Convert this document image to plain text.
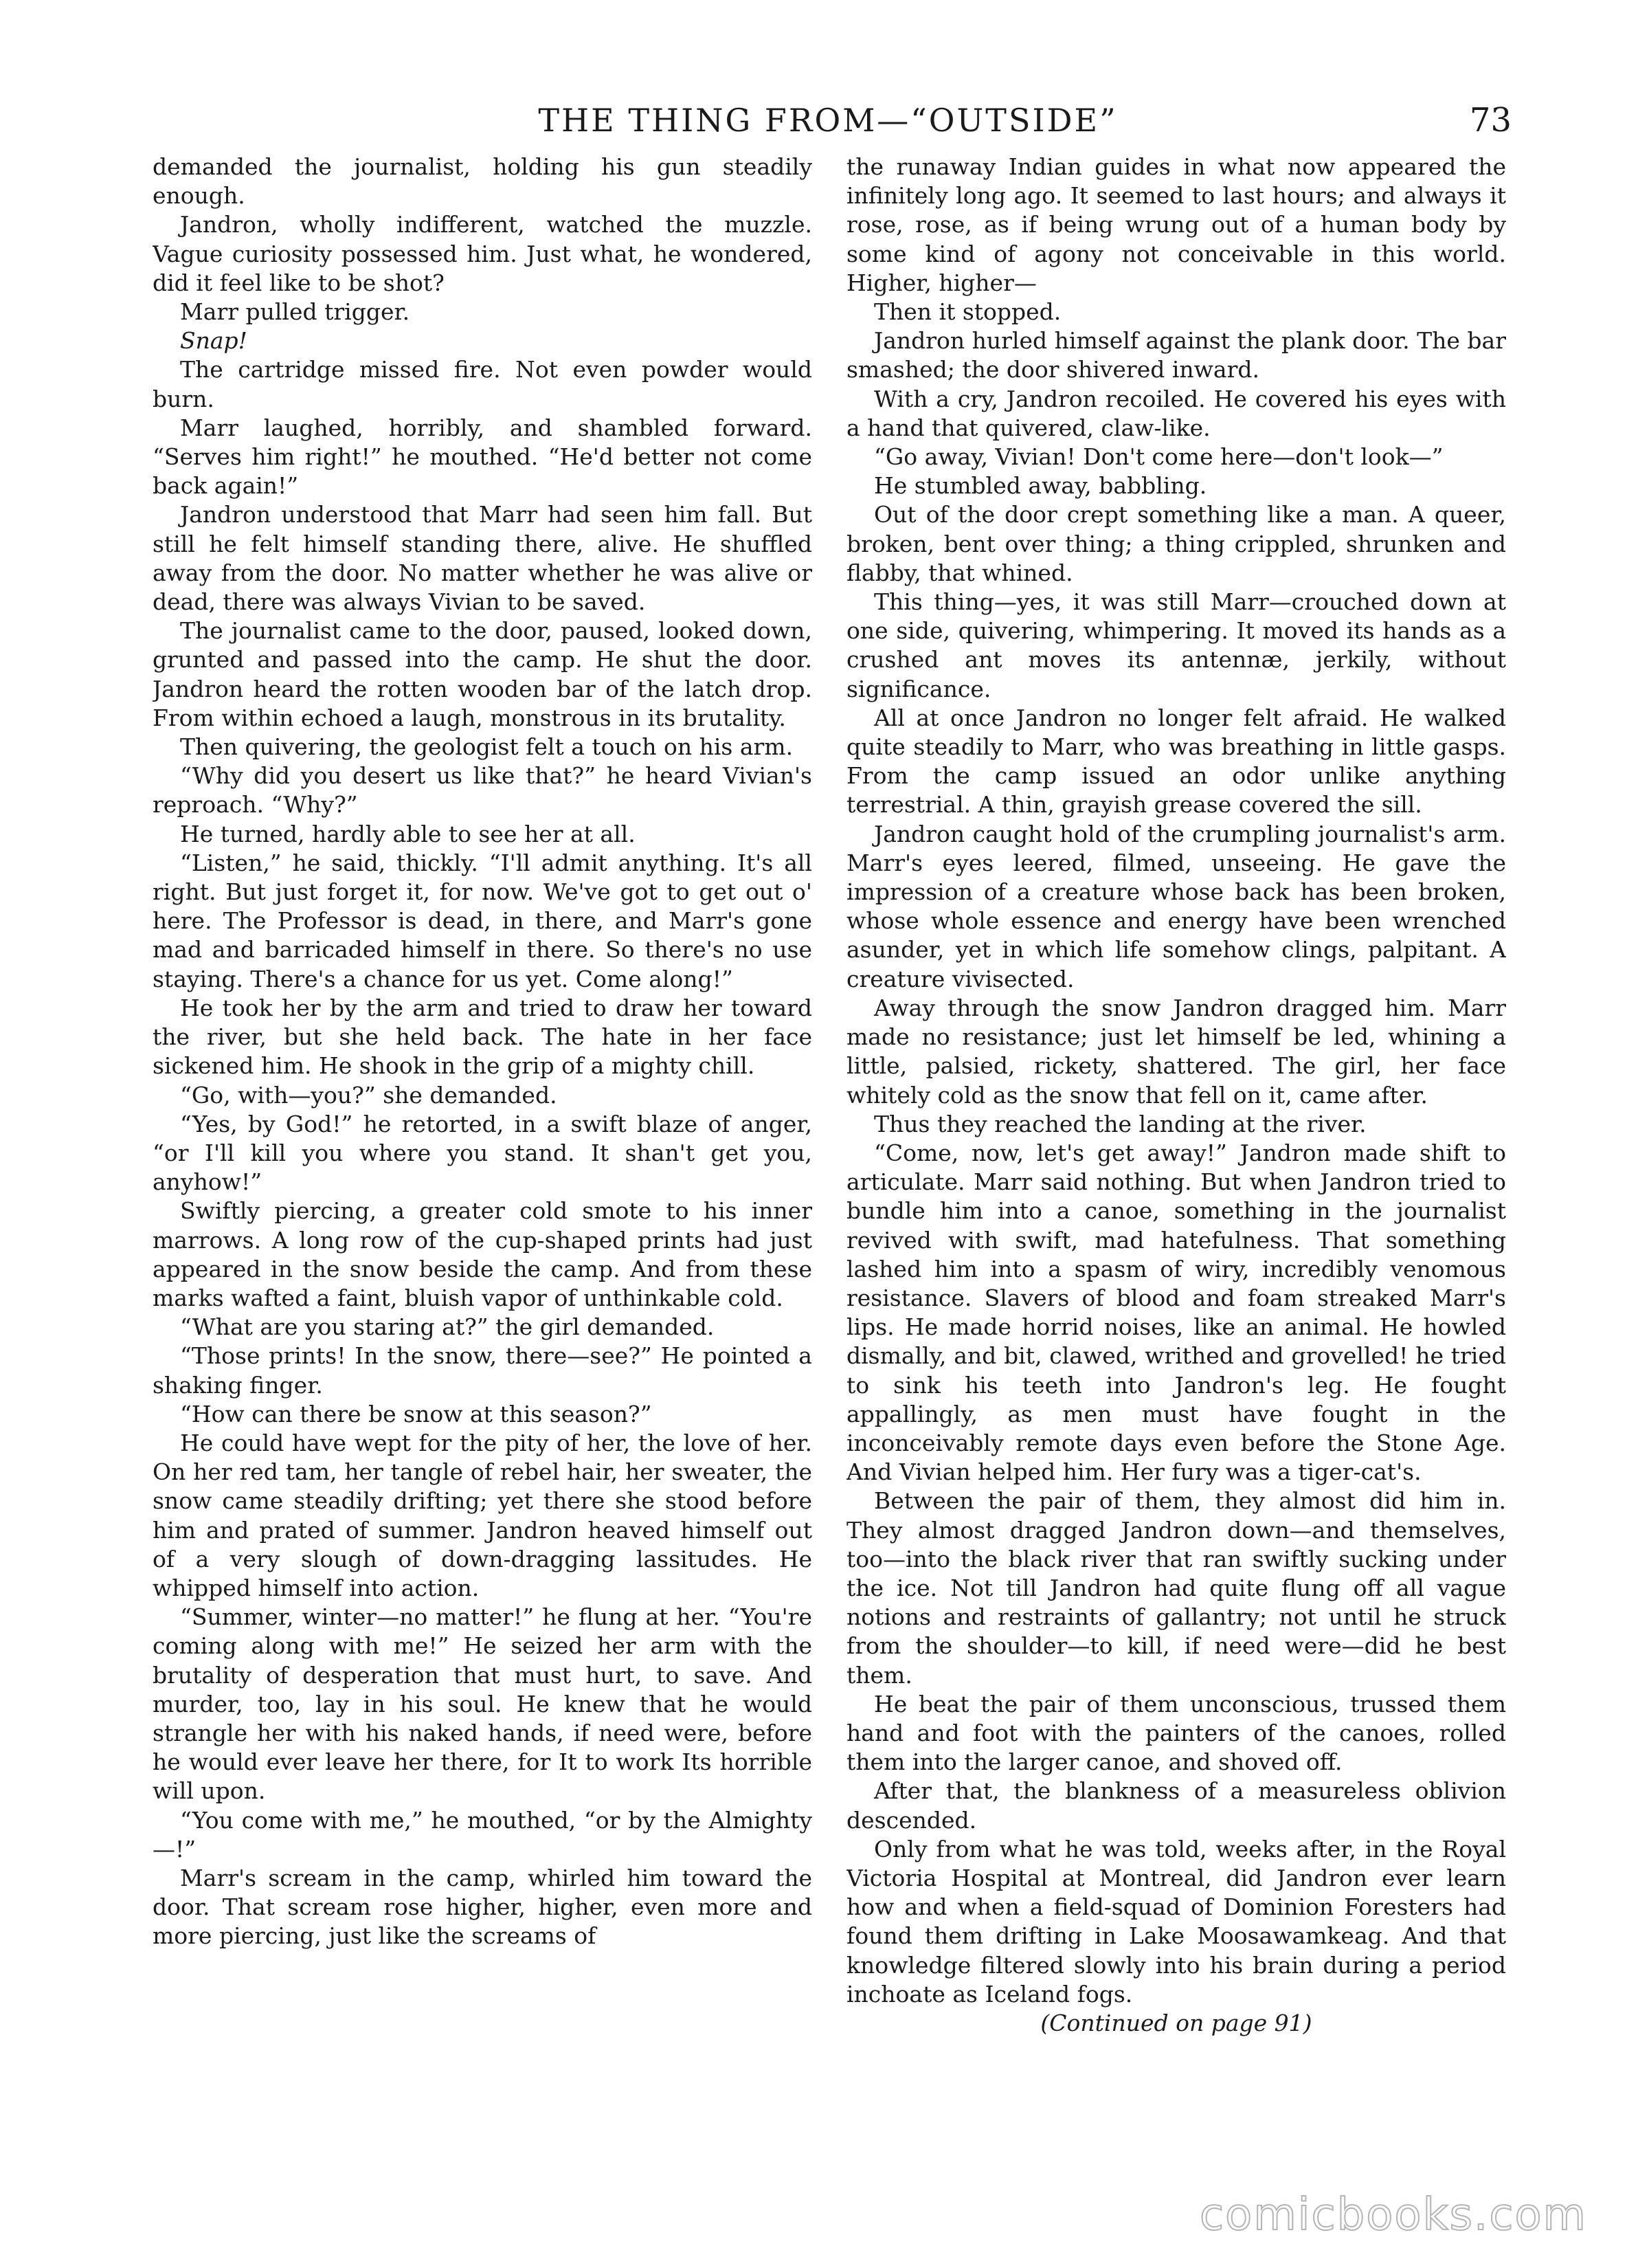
THE THING FROM—“OUTSIDE”	73

demanded the journalist, holding his gun steadily enough.

Jandron, wholly indifferent, watched the muzzle. Vague curiosity possessed him. Just what, he wondered, did it feel like to be shot?

Marr pulled trigger.

Snap!

The cartridge missed fire. Not even powder would burn.

Marr laughed, horribly, and shambled forward. “Serves him right!” he mouthed. “He'd better not come back again!”

Jandron understood that Marr had seen him fall. But still he felt himself standing there, alive. He shuffled away from the door. No matter whether he was alive or dead, there was always Vivian to be saved.

The journalist came to the door, paused, looked down, grunted and passed into the camp. He shut the door. Jandron heard the rotten wooden bar of the latch drop. From within echoed a laugh, monstrous in its brutality.

Then quivering, the geologist felt a touch on his arm.

“Why did you desert us like that?” he heard Vivian's reproach. “Why?”

He turned, hardly able to see her at all.

“Listen,” he said, thickly. “I'll admit anything. It's all right. But just forget it, for now. We've got to get out o' here. The Professor is dead, in there, and Marr's gone mad and barricaded himself in there. So there's no use staying. There's a chance for us yet. Come along!”

He took her by the arm and tried to draw her toward the river, but she held back. The hate in her face sickened him. He shook in the grip of a mighty chill.

“Go, with—you?” she demanded.

“Yes, by God!” he retorted, in a swift blaze of anger, “or I'll kill you where you stand. It shan't get you, anyhow!”

Swiftly piercing, a greater cold smote to his inner marrows. A long row of the cup-shaped prints had just appeared in the snow beside the camp. And from these marks wafted a faint, bluish vapor of unthinkable cold.

“What are you staring at?” the girl demanded.

“Those prints! In the snow, there—see?” He pointed a shaking finger.

“How can there be snow at this season?”

He could have wept for the pity of her, the love of her. On her red tam, her tangle of rebel hair, her sweater, the snow came steadily drifting; yet there she stood before him and prated of summer. Jandron heaved himself out of a very slough of down-dragging lassitudes. He whipped himself into action.

“Summer, winter—no matter!” he flung at her. “You're coming along with me!” He seized her arm with the brutality of desperation that must hurt, to save. And murder, too, lay in his soul. He knew that he would strangle her with his naked hands, if need were, before he would ever leave her there, for It to work Its horrible will upon.

“You come with me,” he mouthed, “or by the Almighty—!”

Marr's scream in the camp, whirled him toward the door. That scream rose higher, higher, even more and more piercing, just like the screams of

the runaway Indian guides in what now appeared the infinitely long ago. It seemed to last hours; and always it rose, rose, as if being wrung out of a human body by some kind of agony not conceivable in this world. Higher, higher—

Then it stopped.

Jandron hurled himself against the plank door. The bar smashed; the door shivered inward.

With a cry, Jandron recoiled. He covered his eyes with a hand that quivered, claw-like.

“Go away, Vivian! Don't come here—don't look—”

He stumbled away, babbling.

Out of the door crept something like a man. A queer, broken, bent over thing; a thing crippled, shrunken and flabby, that whined.

This thing—yes, it was still Marr—crouched down at one side, quivering, whimpering. It moved its hands as a crushed ant moves its antennæ, jerkily, without significance.

All at once Jandron no longer felt afraid. He walked quite steadily to Marr, who was breathing in little gasps. From the camp issued an odor unlike anything terrestrial. A thin, grayish grease covered the sill.

Jandron caught hold of the crumpling journalist's arm. Marr's eyes leered, filmed, unseeing. He gave the impression of a creature whose back has been broken, whose whole essence and energy have been wrenched asunder, yet in which life somehow clings, palpitant. A creature vivisected.

Away through the snow Jandron dragged him. Marr made no resistance; just let himself be led, whining a little, palsied, rickety, shattered. The girl, her face whitely cold as the snow that fell on it, came after.

Thus they reached the landing at the river.

“Come, now, let's get away!” Jandron made shift to articulate. Marr said nothing. But when Jandron tried to bundle him into a canoe, something in the journalist revived with swift, mad hatefulness. That something lashed him into a spasm of wiry, incredibly venomous resistance. Slavers of blood and foam streaked Marr's lips. He made horrid noises, like an animal. He howled dismally, and bit, clawed, writhed and grovelled! he tried to sink his teeth into Jandron's leg. He fought appallingly, as men must have fought in the inconceivably remote days even before the Stone Age. And Vivian helped him. Her fury was a tiger-cat's.

Between the pair of them, they almost did him in. They almost dragged Jandron down—and themselves, too—into the black river that ran swiftly sucking under the ice. Not till Jandron had quite flung off all vague notions and restraints of gallantry; not until he struck from the shoulder—to kill, if need were—did he best them.

He beat the pair of them unconscious, trussed them hand and foot with the painters of the canoes, rolled them into the larger canoe, and shoved off.

After that, the blankness of a measureless oblivion descended.

Only from what he was told, weeks after, in the Royal Victoria Hospital at Montreal, did Jandron ever learn how and when a field-squad of Dominion Foresters had found them drifting in Lake Moosawamkeag. And that knowledge filtered slowly into his brain during a period inchoate as Iceland fogs.

(Continued on page 91)

comicbooks.com
